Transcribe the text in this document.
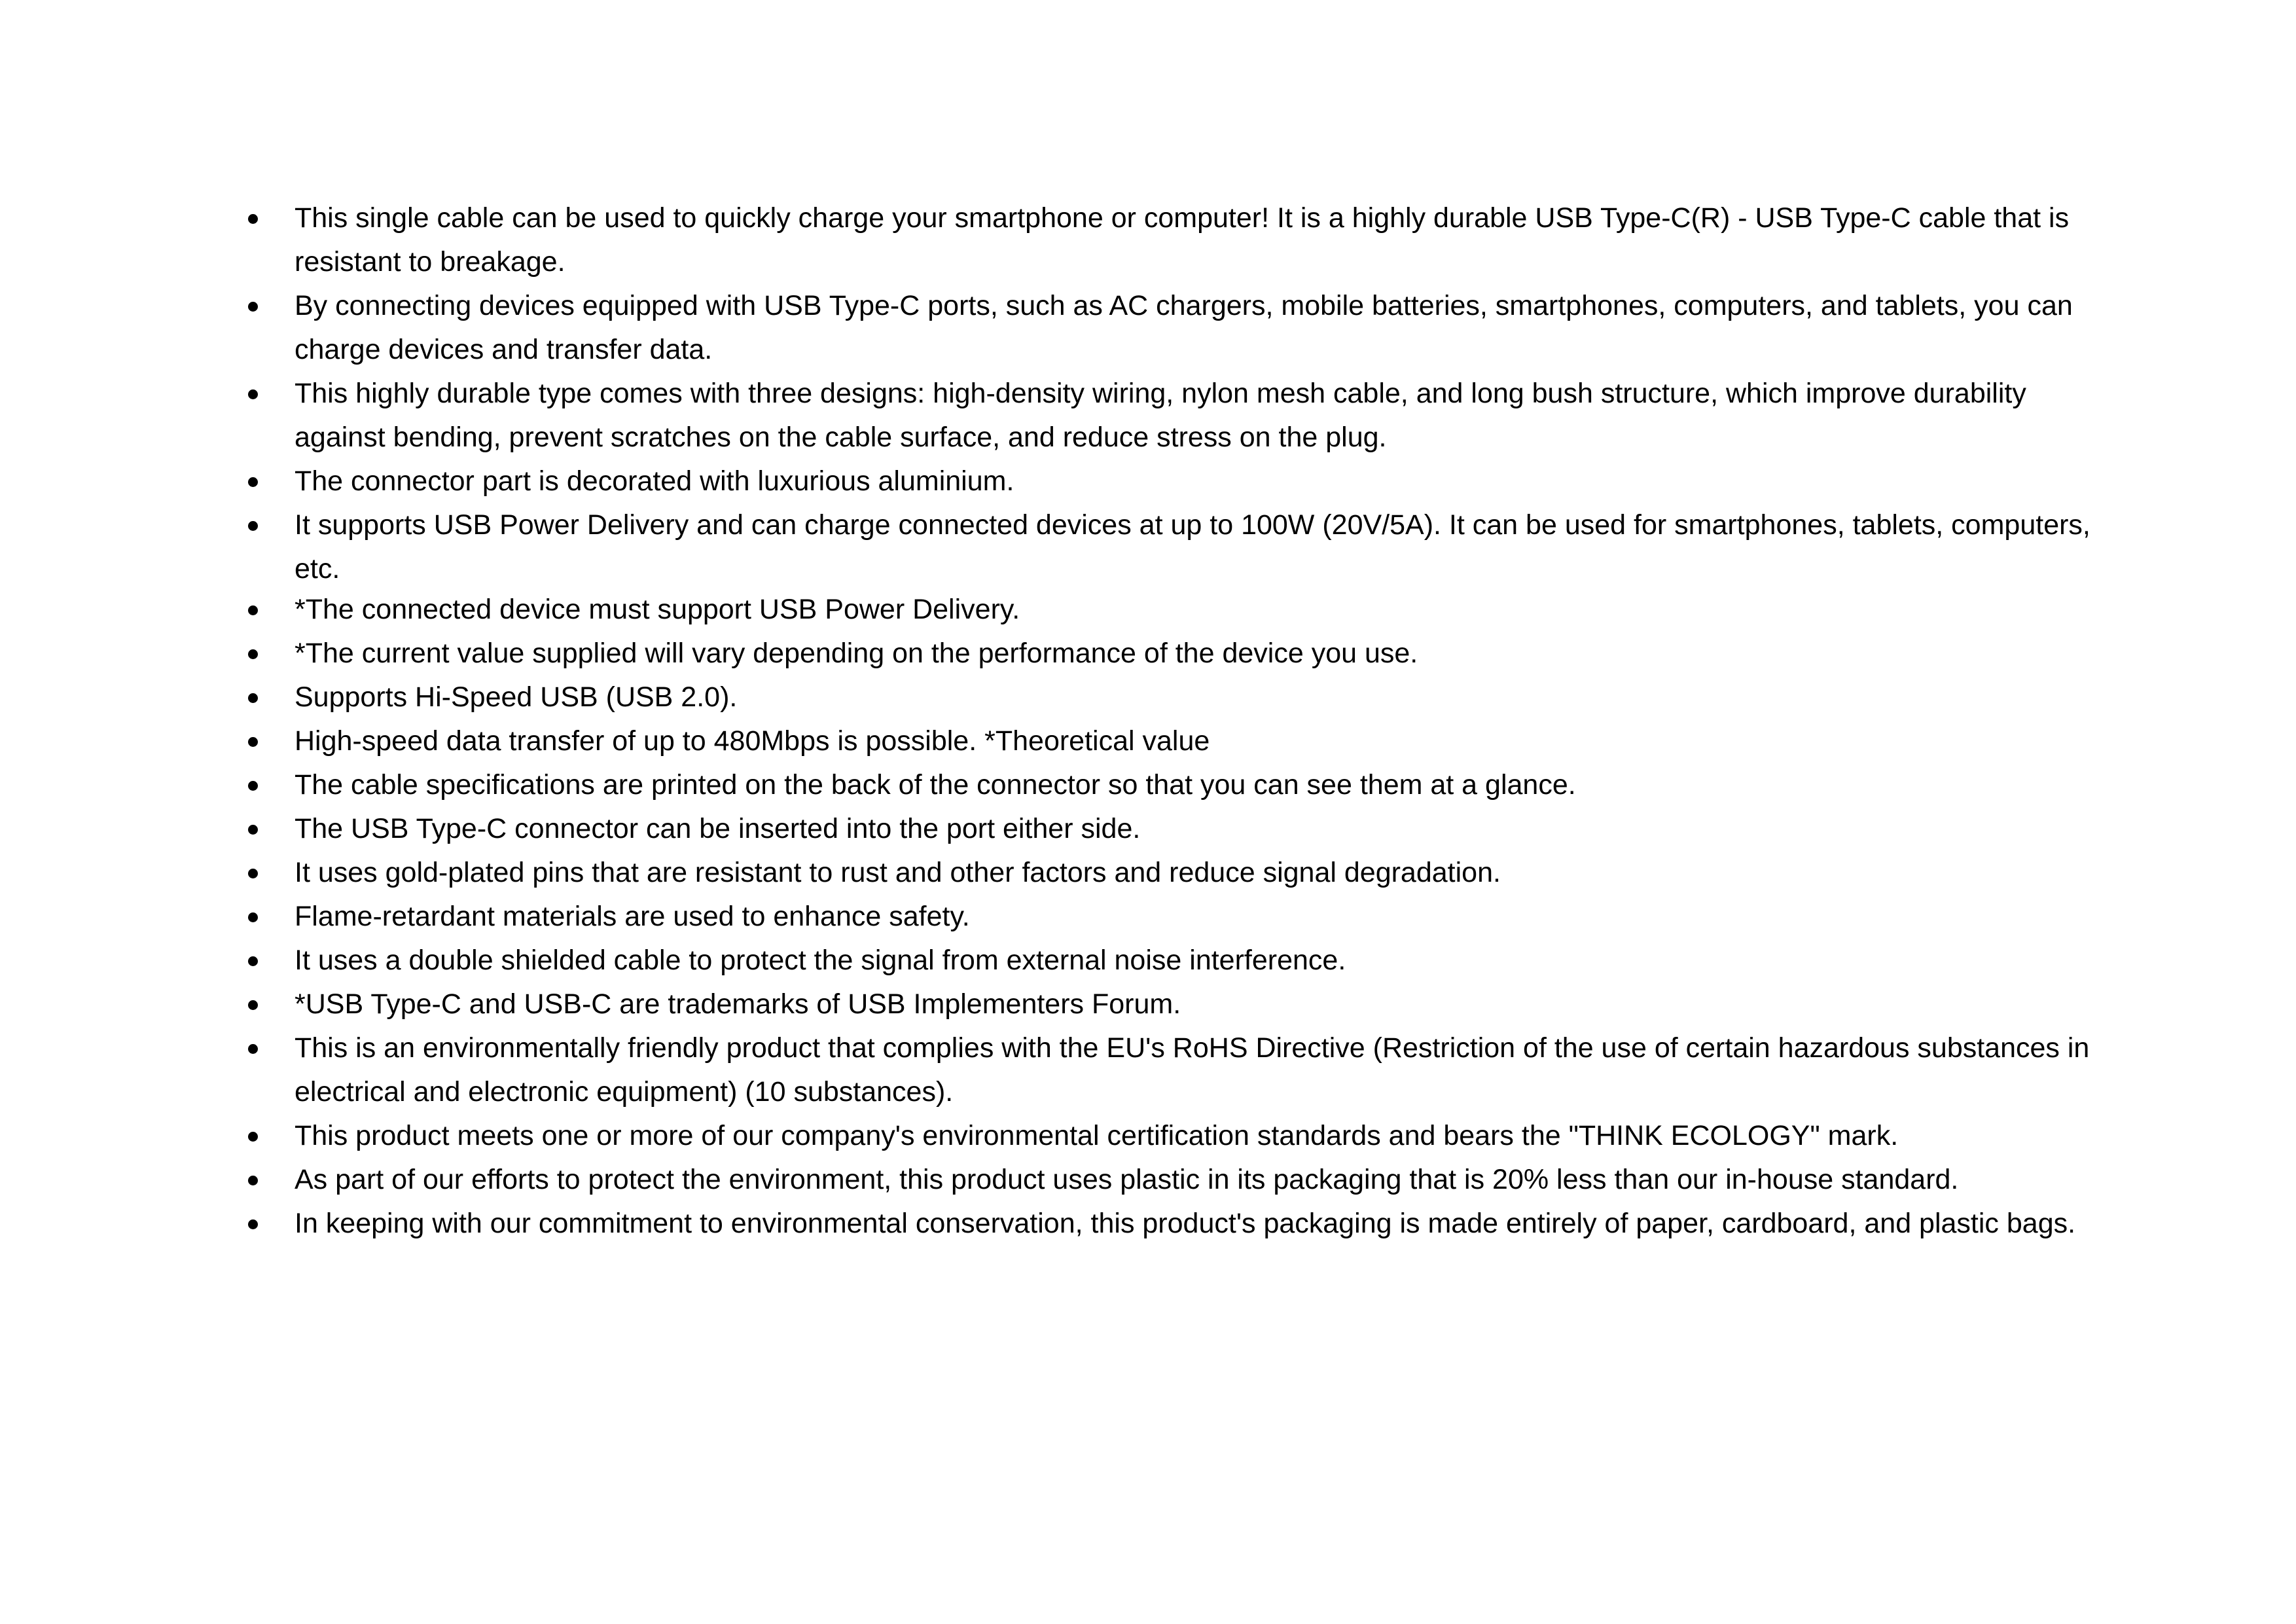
This single cable can be used to quickly charge your smartphone or computer! It is a highly durable USB Type-C(R) - USB Type-C cable that is resistant to breakage.
By connecting devices equipped with USB Type-C ports, such as AC chargers, mobile batteries, smartphones, computers, and tablets, you can charge devices and transfer data.
This highly durable type comes with three designs: high-density wiring, nylon mesh cable, and long bush structure, which improve durability against bending, prevent scratches on the cable surface, and reduce stress on the plug.
The connector part is decorated with luxurious aluminium.
It supports USB Power Delivery and can charge connected devices at up to 100W (20V/5A). It can be used for smartphones, tablets, computers, etc.
*The connected device must support USB Power Delivery.
*The current value supplied will vary depending on the performance of the device you use.
Supports Hi-Speed USB (USB 2.0).
High-speed data transfer of up to 480Mbps is possible. *Theoretical value
The cable specifications are printed on the back of the connector so that you can see them at a glance.
The USB Type-C connector can be inserted into the port either side.
It uses gold-plated pins that are resistant to rust and other factors and reduce signal degradation.
Flame-retardant materials are used to enhance safety.
It uses a double shielded cable to protect the signal from external noise interference.
*USB Type-C and USB-C are trademarks of USB Implementers Forum.
This is an environmentally friendly product that complies with the EU's RoHS Directive (Restriction of the use of certain hazardous substances in electrical and electronic equipment) (10 substances).
This product meets one or more of our company's environmental certification standards and bears the "THINK ECOLOGY" mark.
As part of our efforts to protect the environment, this product uses plastic in its packaging that is 20% less than our in-house standard.
In keeping with our commitment to environmental conservation, this product's packaging is made entirely of paper, cardboard, and plastic bags.
